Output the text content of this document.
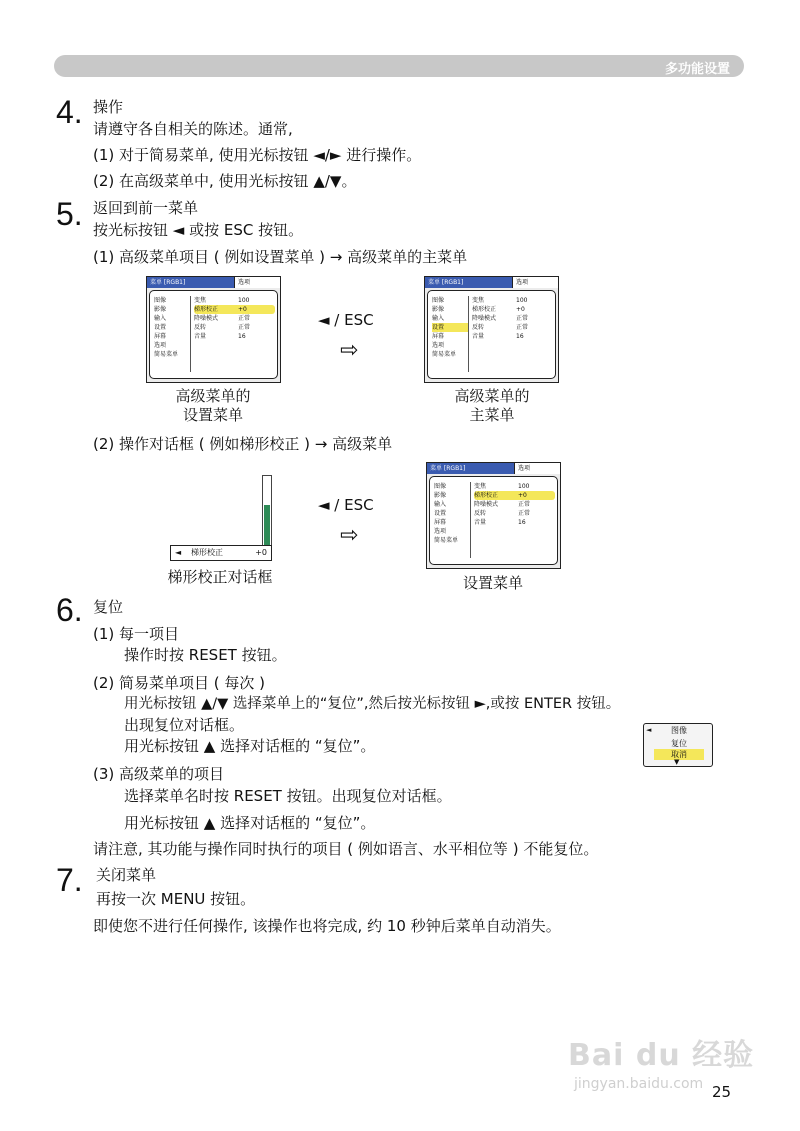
多功能设置
4. 操作
请遵守各自相关的陈述。通常,
(1) 对于简易菜单, 使用光标按钮 ◄/► 进行操作。
(2) 在高级菜单中, 使用光标按钮 ▲/▼。
5. 返回到前一菜单
按光标按钮 ◄ 或按 ESC 按钮。
(1) 高级菜单项目 ( 例如设置菜单 ) → 高级菜单的主菜单
菜单 [RGB1]	选项
图像
影像
输入
设置
屏幕
选项
简易菜单
变焦	100
梯形校正	+0
降噪模式	正常
反转	正常
音量	16
◄ / ESC
⇨
菜单 [RGB1]	选项
图像
影像
输入
设置
屏幕
选项
简易菜单
变焦	100
梯形校正	+0
降噪模式	正常
反转	正常
音量	16
高级菜单的
设置菜单
高级菜单的
主菜单
(2) 操作对话框 ( 例如梯形校正 ) → 高级菜单
◄ 梯形校正	+0
梯形校正对话框
◄ / ESC
⇨
菜单 [RGB1]	选项
图像
影像
输入
设置
屏幕
选项
简易菜单
变焦	100
梯形校正	+0
降噪模式	正常
反转	正常
音量	16
设置菜单
6. 复位
(1) 每一项目
操作时按 RESET 按钮。
(2) 简易菜单项目 ( 每次 )
用光标按钮 ▲/▼ 选择菜单上的“复位”,然后按光标按钮 ►,或按 ENTER 按钮。
出现复位对话框。
用光标按钮 ▲ 选择对话框的 “复位”。
◄	图像
复位
取消
▼
(3) 高级菜单的项目
选择菜单名时按 RESET 按钮。出现复位对话框。
用光标按钮 ▲ 选择对话框的 “复位”。
请注意, 其功能与操作同时执行的项目 ( 例如语言、水平相位等 ) 不能复位。
7. 关闭菜单
再按一次 MENU 按钮。
即使您不进行任何操作, 该操作也将完成, 约 10 秒钟后菜单自动消失。
Bai du 经验
jingyan.baidu.com 25
